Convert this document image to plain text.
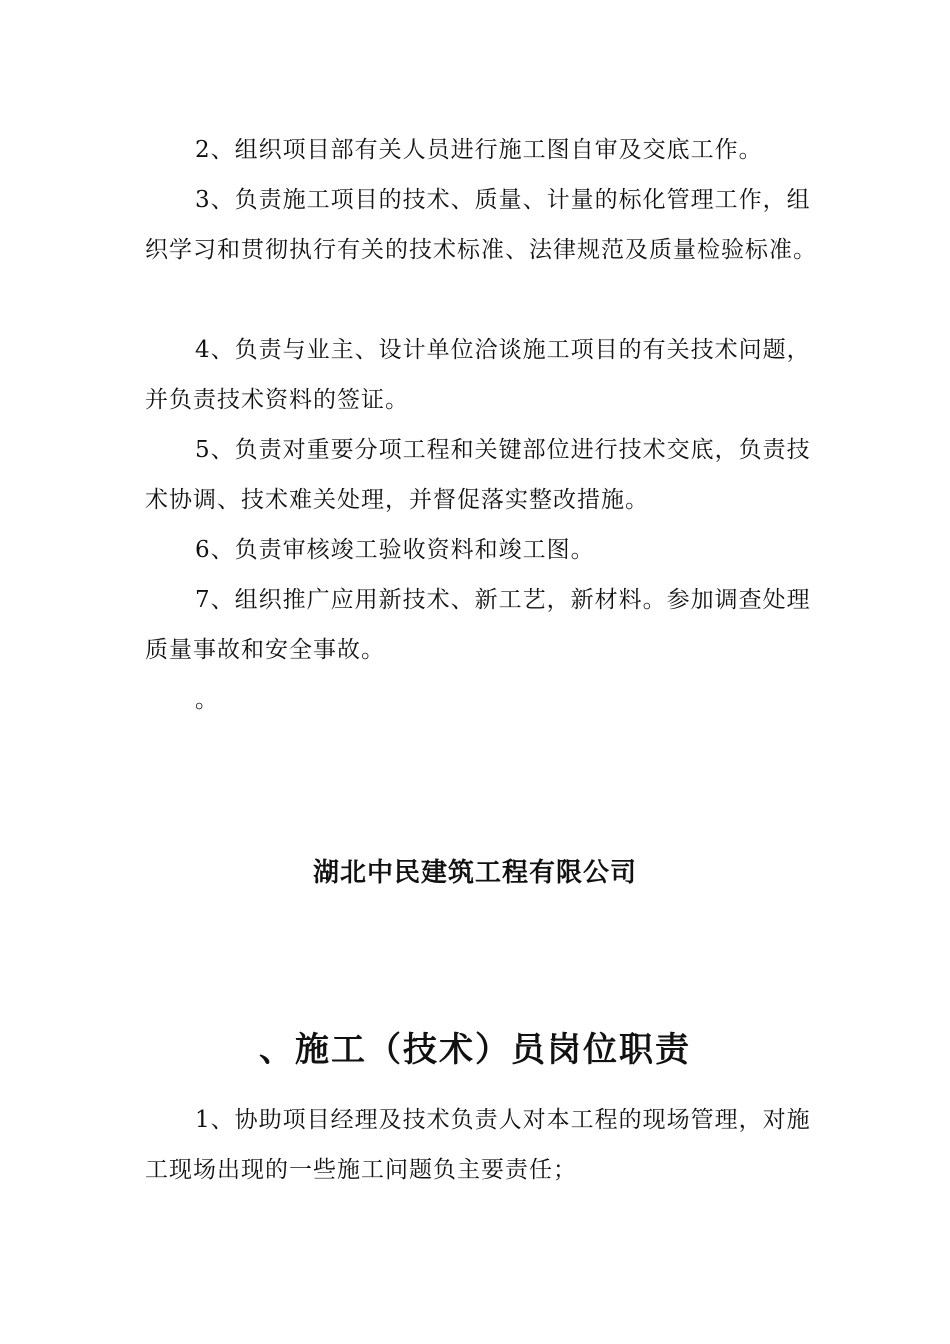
2、组织项目部有关人员进行施工图自审及交底工作。

3、负责施工项目的技术、质量、计量的标化管理工作，组织学习和贯彻执行有关的技术标准、法律规范及质量检验标准。

4、负责与业主、设计单位洽谈施工项目的有关技术问题，并负责技术资料的签证。

5、负责对重要分项工程和关键部位进行技术交底，负责技术协调、技术难关处理，并督促落实整改措施。

6、负责审核竣工验收资料和竣工图。

7、组织推广应用新技术、新工艺，新材料。参加调查处理质量事故和安全事故。

。

湖北中民建筑工程有限公司
、施工（技术）员岗位职责

1、协助项目经理及技术负责人对本工程的现场管理，对施工现场出现的一些施工问题负主要责任；
